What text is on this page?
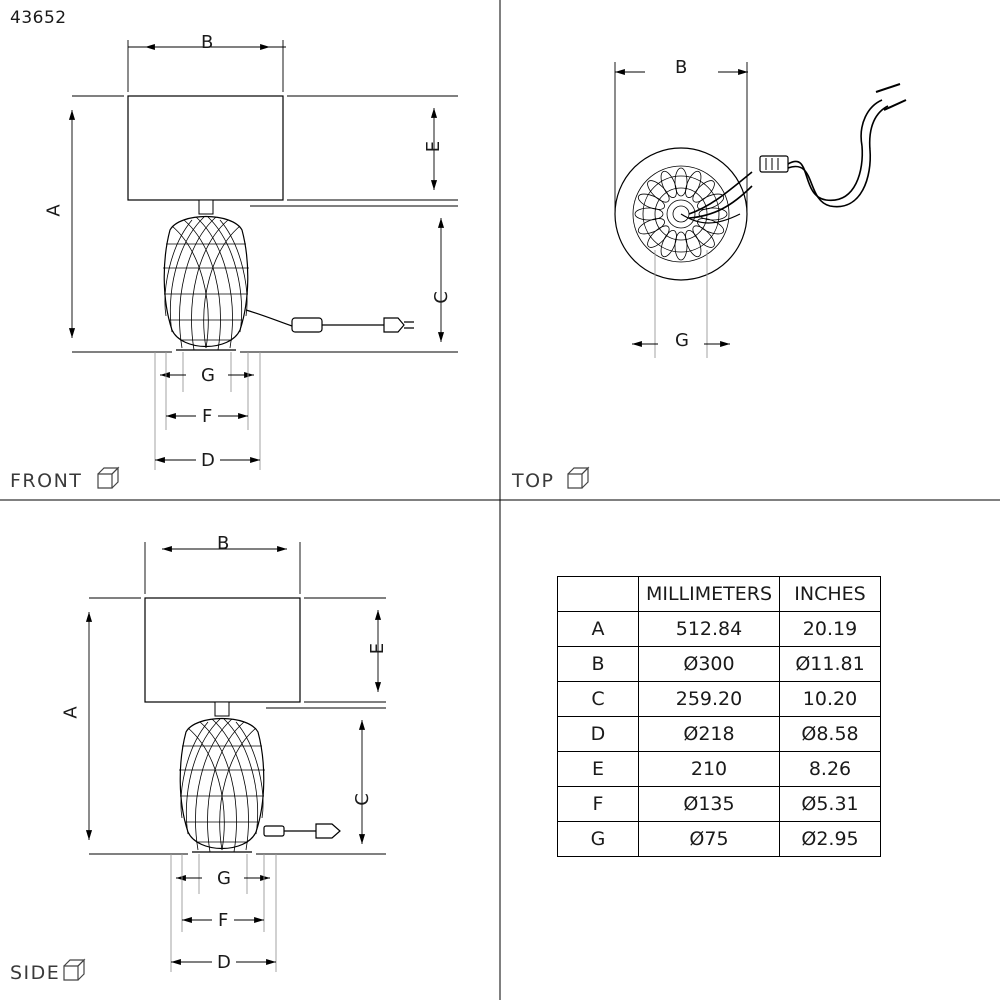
43652
FRONT	TOP
SIDE
B
A
E
C
G
F
D
B
G
B
A
E
C
G
F
D
	MILLIMETERS	INCHES
A	512.84	20.19
B	Ø300	Ø11.81
C	259.20	10.20
D	Ø218	Ø8.58
E	210	8.26
F	Ø135	Ø5.31
G	Ø75	Ø2.95
